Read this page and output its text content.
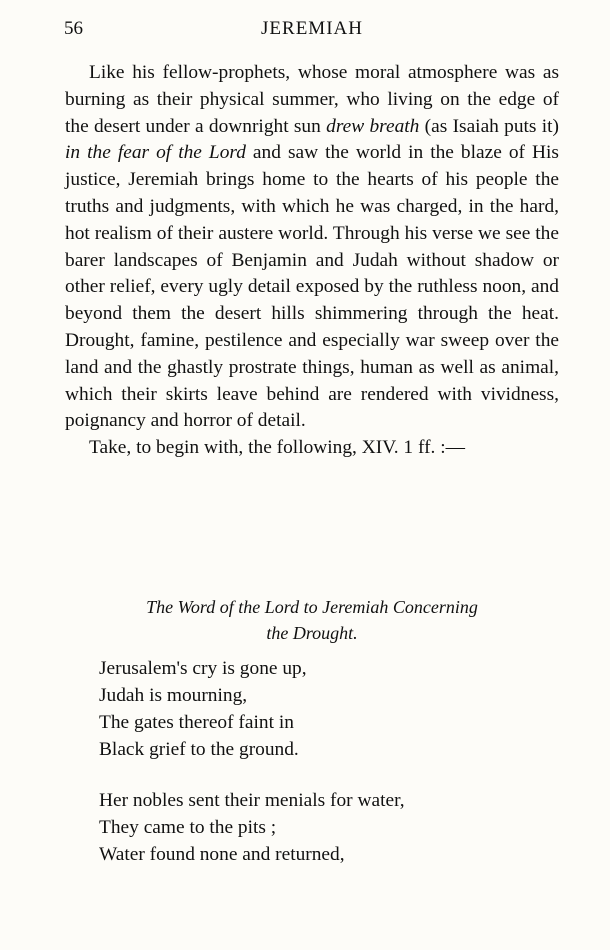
56	JEREMIAH

Like his fellow-prophets, whose moral atmosphere was as burning as their physical summer, who living on the edge of the desert under a downright sun drew breath (as Isaiah puts it) in the fear of the Lord and saw the world in the blaze of His justice, Jeremiah brings home to the hearts of his people the truths and judgments, with which he was charged, in the hard, hot realism of their austere world. Through his verse we see the barer landscapes of Benjamin and Judah without shadow or other relief, every ugly detail exposed by the ruthless noon, and beyond them the desert hills shimmering through the heat. Drought, famine, pestilence and especially war sweep over the land and the ghastly prostrate things, human as well as animal, which their skirts leave behind are rendered with vividness, poignancy and horror of detail.

Take, to begin with, the following, XIV. 1 ff. :—

The Word of the Lord to Jeremiah Concerning
the Drought.
Jerusalem's cry is gone up,
Judah is mourning,
The gates thereof faint in
Black grief to the ground.
Her nobles sent their menials for water,
They came to the pits ;
Water found none and returned,
